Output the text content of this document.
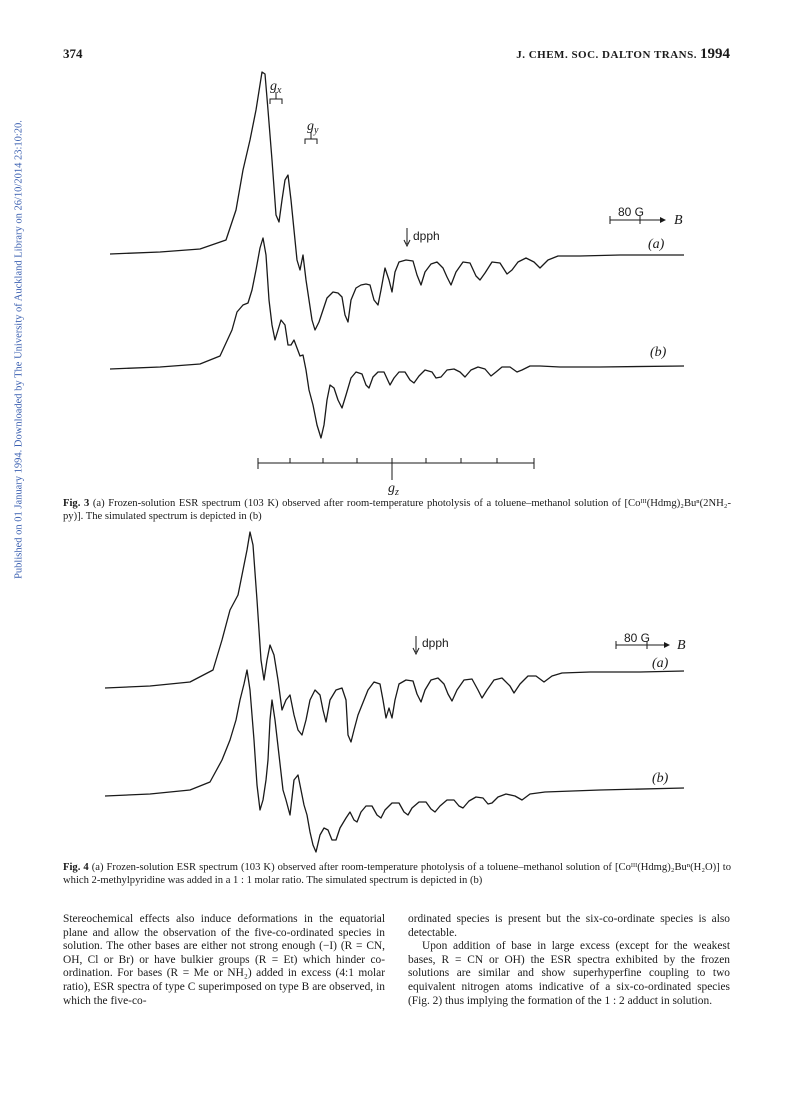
374	J. CHEM. SOC. DALTON TRANS. 1994
Published on 01 January 1994. Downloaded by The University of Auckland Library on 26/10/2014 23:10:20.
$g_x$
$g_y$
dpph
80 G
B
(a)
(b)
$g_z$
Fig. 3 (a) Frozen-solution ESR spectrum (103 K) observed after room-temperature photolysis of a toluene–methanol solution of [Coᴵᴵᴵ(Hdmg)₂Buⁿ(2NH₂-py)]. The simulated spectrum is depicted in (b)
dpph	80 G B
(a)
(b)
Fig. 4 (a) Frozen-solution ESR spectrum (103 K) observed after room-temperature photolysis of a toluene–methanol solution of [Coᴵᴵᴵ(Hdmg)₂Buⁿ(H₂O)] to which 2-methylpyridine was added in a 1 : 1 molar ratio. The simulated spectrum is depicted in (b)
Stereochemical effects also induce deformations in the equatorial plane and allow the observation of the five-co-ordinated species in solution. The other bases are either not strong enough (−I) (R = CN, OH, Cl or Br) or have bulkier groups (R = Et) which hinder co-ordination. For bases (R = Me or NH₂) added in excess (4:1 molar ratio), ESR spectra of type C superimposed on type B are observed, in which the five-co-
ordinated species is present but the six-co-ordinate species is also detectable.
Upon addition of base in large excess (except for the weakest bases, R = CN or OH) the ESR spectra exhibited by the frozen solutions are similar and show superhyperfine coupling to two equivalent nitrogen atoms indicative of a six-co-ordinated species (Fig. 2) thus implying the formation of the 1 : 2 adduct in solution.
